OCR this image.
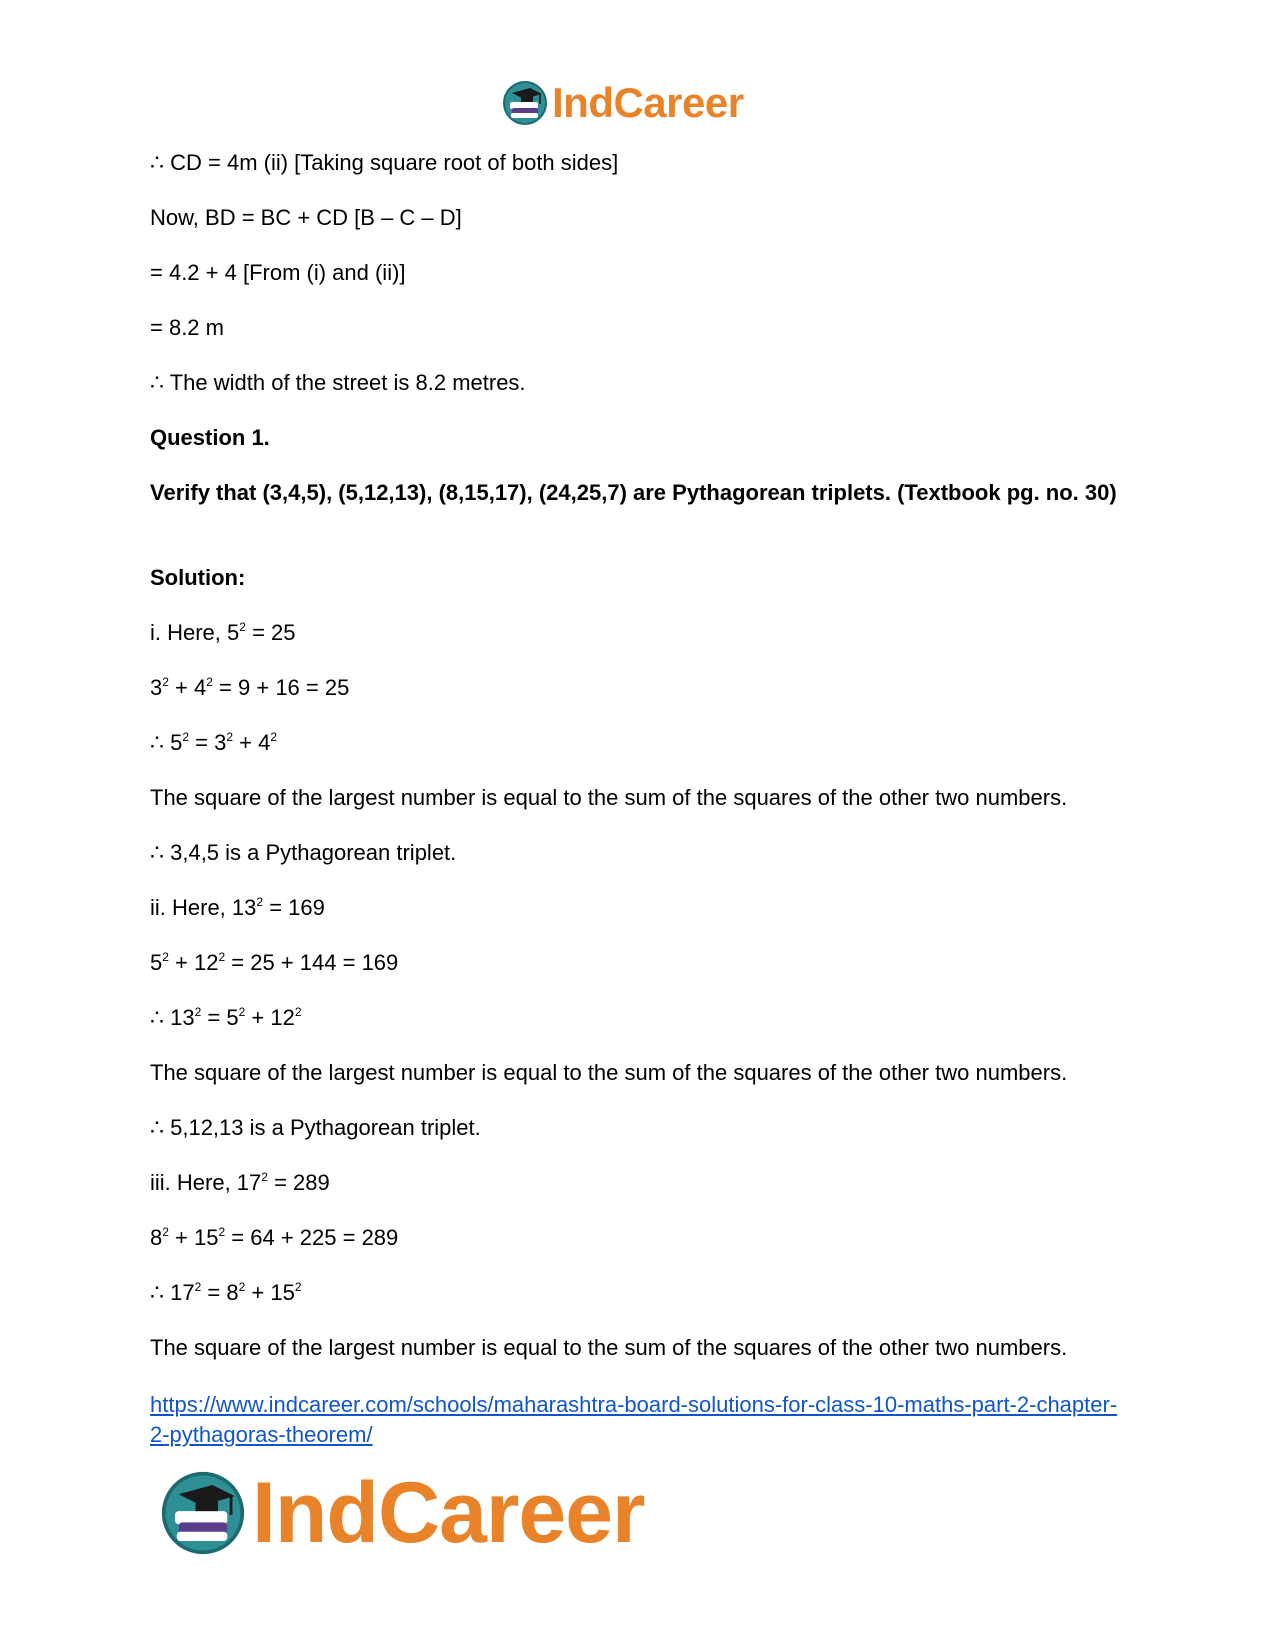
IndCareer
∴ CD = 4m (ii) [Taking square root of both sides]
Now, BD = BC + CD [B – C – D]
= 4.2 + 4 [From (i) and (ii)]
= 8.2 m
∴ The width of the street is 8.2 metres.
Question 1.
Verify that (3,4,5), (5,12,13), (8,15,17), (24,25,7) are Pythagorean triplets. (Textbook pg. no. 30)
Solution:
i. Here, $5^2 = 25$
$3^2 + 4^2 = 9 + 16 = 25$
∴ $5^2 = 3^2 + 4^2$
The square of the largest number is equal to the sum of the squares of the other two numbers.
∴ 3,4,5 is a Pythagorean triplet.
ii. Here, $13^2 = 169$
$5^2 + 12^2 = 25 + 144 = 169$
∴ $13^2 = 5^2 + 12^2$
The square of the largest number is equal to the sum of the squares of the other two numbers.
∴ 5,12,13 is a Pythagorean triplet.
iii. Here, $17^2 = 289$
$8^2 + 15^2 = 64 + 225 = 289$
∴ $17^2 = 8^2 + 15^2$
The square of the largest number is equal to the sum of the squares of the other two numbers.
https://www.indcareer.com/schools/maharashtra-board-solutions-for-class-10-maths-part-2-chapter-2-pythagoras-theorem/
IndCareer
